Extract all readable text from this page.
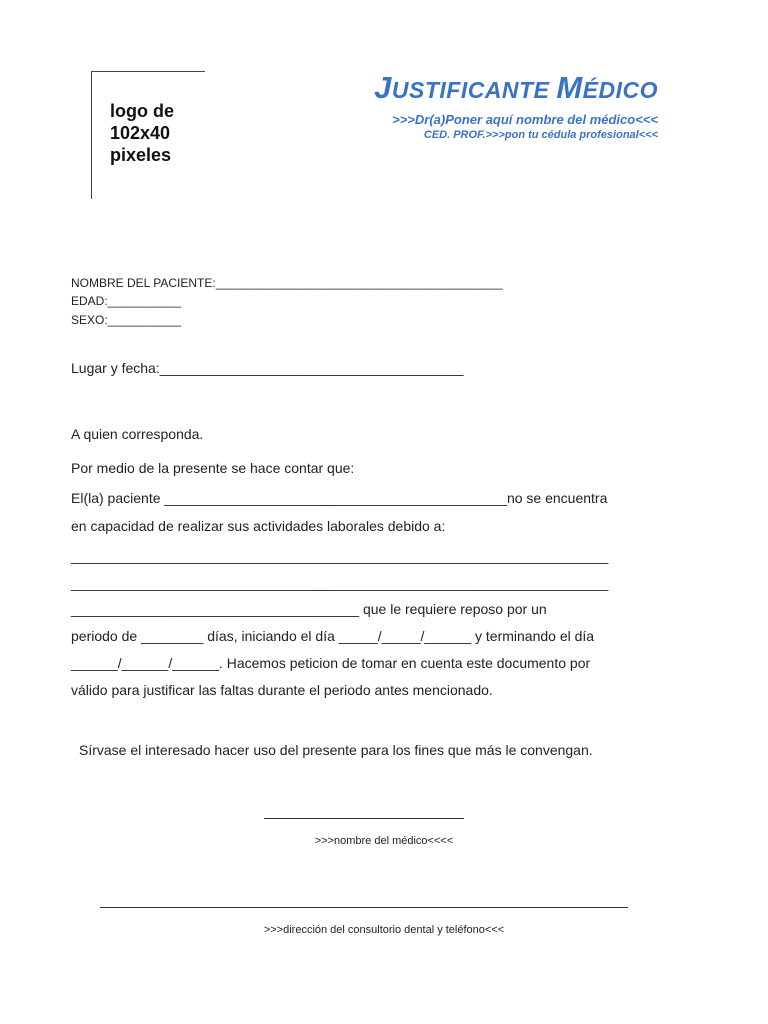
logo de 102x40 pixeles
JUSTIFICANTE MÉDICO
>>>Dr(a)Poner aquí nombre del médico<<<
CED. PROF.>>>pon tu cédula profesional<<<
NOMBRE DEL PACIENTE:___________________________________________
EDAD:___________
SEXO:___________
Lugar y fecha:_______________________________________
A quien corresponda.
Por medio de la presente se hace contar que:
El(la) paciente ____________________________________________no se encuentra
en capacidad de realizar sus actividades laborales debido a:
_____________________________________________________________________
_____________________________________________________________________
_____________________________________ que le requiere reposo por un
periodo de ________ días, iniciando el día _____/_____/______ y terminando el día
______/______/______. Hacemos peticion de tomar en cuenta este documento por
válido para justificar las faltas durante el periodo antes mencionado.
Sírvase el interesado hacer uso del presente para los fines que más le convengan.
>>>nombre del médico<<<<
>>>dirección del consultorio dental y teléfono<<<
